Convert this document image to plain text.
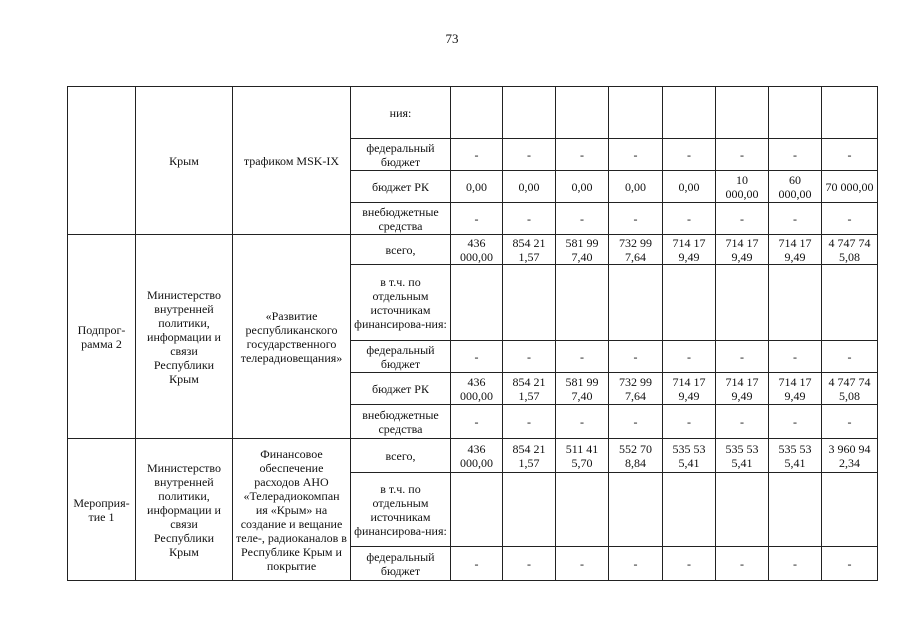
73
	Крым	трафиком MSK-IX	ния:								
			федеральный бюджет	-	-	-	-	-	-	-	-
			бюджет РК	0,00	0,00	0,00	0,00	0,00	10 000,00	60 000,00	70 000,00
			внебюджетные средства	-	-	-	-	-	-	-	-
Подпрог-рамма 2	Министерство внутренней политики, информации и связи Республики Крым	«Развитие республиканского государственного телерадиовещания»	всего,	436 000,00	854 21 1,57	581 99 7,40	732 99 7,64	714 17 9,49	714 17 9,49	714 17 9,49	4 747 74 5,08
			в т.ч. по отдельным источникам финансирова-ния:								
			федеральный бюджет	-	-	-	-	-	-	-	-
			бюджет РК	436 000,00	854 21 1,57	581 99 7,40	732 99 7,64	714 17 9,49	714 17 9,49	714 17 9,49	4 747 74 5,08
			внебюджетные средства	-	-	-	-	-	-	-	-
Мероприя-тие 1	Министерство внутренней политики, информации и связи Республики Крым	Финансовое обеспечение расходов АНО «Телерадиокомпан ия «Крым» на создание и вещание теле-, радиоканалов в Республике Крым и покрытие	всего,	436 000,00	854 21 1,57	511 41 5,70	552 70 8,84	535 53 5,41	535 53 5,41	535 53 5,41	3 960 94 2,34
			в т.ч. по отдельным источникам финансирова-ния:								
			федеральный бюджет	-	-	-	-	-	-	-	-
